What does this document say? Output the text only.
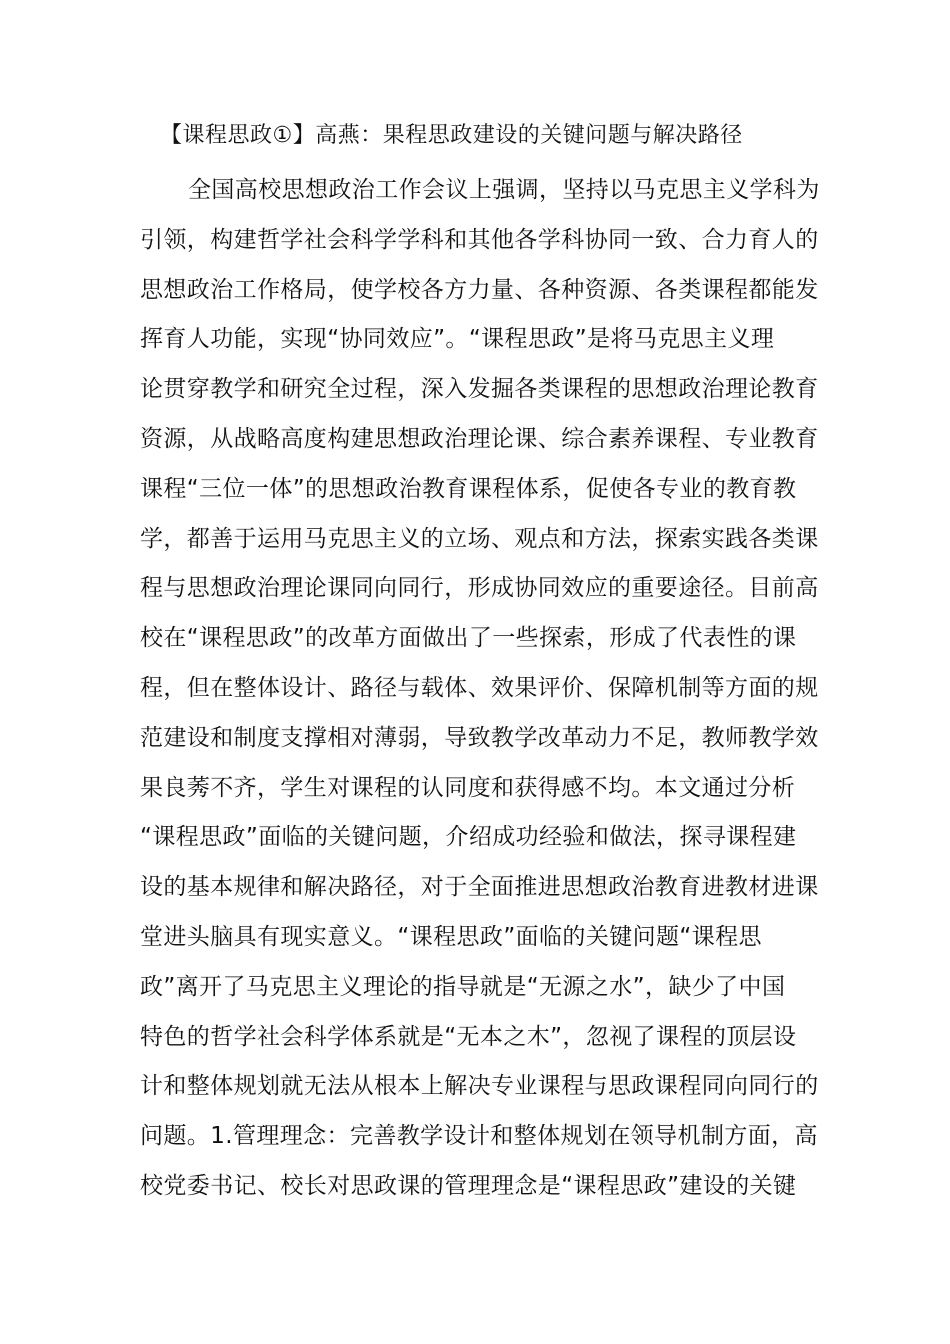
【课程思政①】高燕：果程思政建设的关键问题与解决路径
全国高校思想政治工作会议上强调，坚持以马克思主义学科为
引领，构建哲学社会科学学科和其他各学科协同一致、合力育人的
思想政治工作格局，使学校各方力量、各种资源、各类课程都能发
挥育人功能，实现“协同效应”。“课程思政”是将马克思主义理
论贯穿教学和研究全过程，深入发掘各类课程的思想政治理论教育
资源，从战略高度构建思想政治理论课、综合素养课程、专业教育
课程“三位一体”的思想政治教育课程体系，促使各专业的教育教
学，都善于运用马克思主义的立场、观点和方法，探索实践各类课
程与思想政治理论课同向同行，形成协同效应的重要途径。目前高
校在“课程思政”的改革方面做出了一些探索，形成了代表性的课
程，但在整体设计、路径与载体、效果评价、保障机制等方面的规
范建设和制度支撑相对薄弱，导致教学改革动力不足，教师教学效
果良莠不齐，学生对课程的认同度和获得感不均。本文通过分析
“课程思政”面临的关键问题，介绍成功经验和做法，探寻课程建
设的基本规律和解决路径，对于全面推进思想政治教育进教材进课
堂进头脑具有现实意义。“课程思政”面临的关键问题“课程思
政”离开了马克思主义理论的指导就是“无源之水”，缺少了中国
特色的哲学社会科学体系就是“无本之木”，忽视了课程的顶层设
计和整体规划就无法从根本上解决专业课程与思政课程同向同行的
问题。1.管理理念：完善教学设计和整体规划在领导机制方面，高
校党委书记、校长对思政课的管理理念是“课程思政”建设的关键
